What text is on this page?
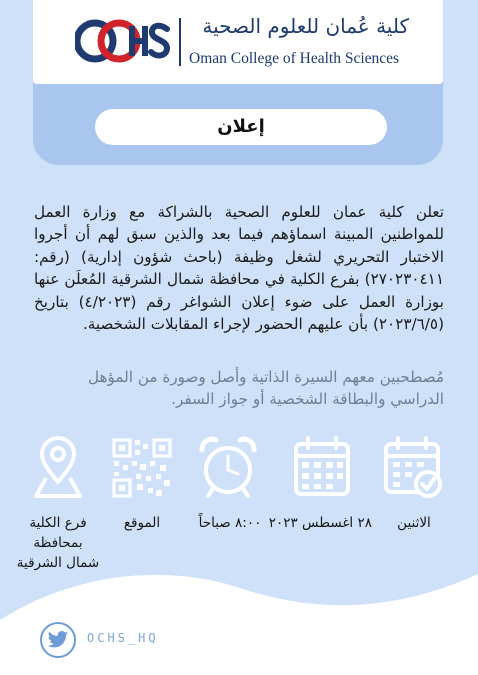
كلية عُمان للعلوم الصحية
Oman College of Health Sciences
إعلان
تعلن كلية عمان للعلوم الصحية بالشراكة مع وزارة العمل للمواطنين المبينة اسماؤهم فيما بعد والذين سبق لهم أن أجروا الاختبار التحريري لشغل وظيفة (باحث شؤون إدارية) (رقم: ٢٧٠٢٣٠٤١١) بفرع الكلية في محافظة شمال الشرقية المُعلَن عنها بوزارة العمل على ضوء إعلان الشواغر رقم (٤/٢٠٢٣) بتاريخ (٢٠٢٣/٦/٥) بأن عليهم الحضور لإجراء المقابلات الشخصية.
مُصطحبين معهم السيرة الذاتية وأصل وصورة من المؤهل الدراسي والبطاقة الشخصية أو جواز السفر.
الاثنين
٢٨ اغسطس ٢٠٢٣
٨:٠٠ صباحاً
الموقع
فرع الكلية
بمحافظة
شمال الشرقية
OCHS_HQ
